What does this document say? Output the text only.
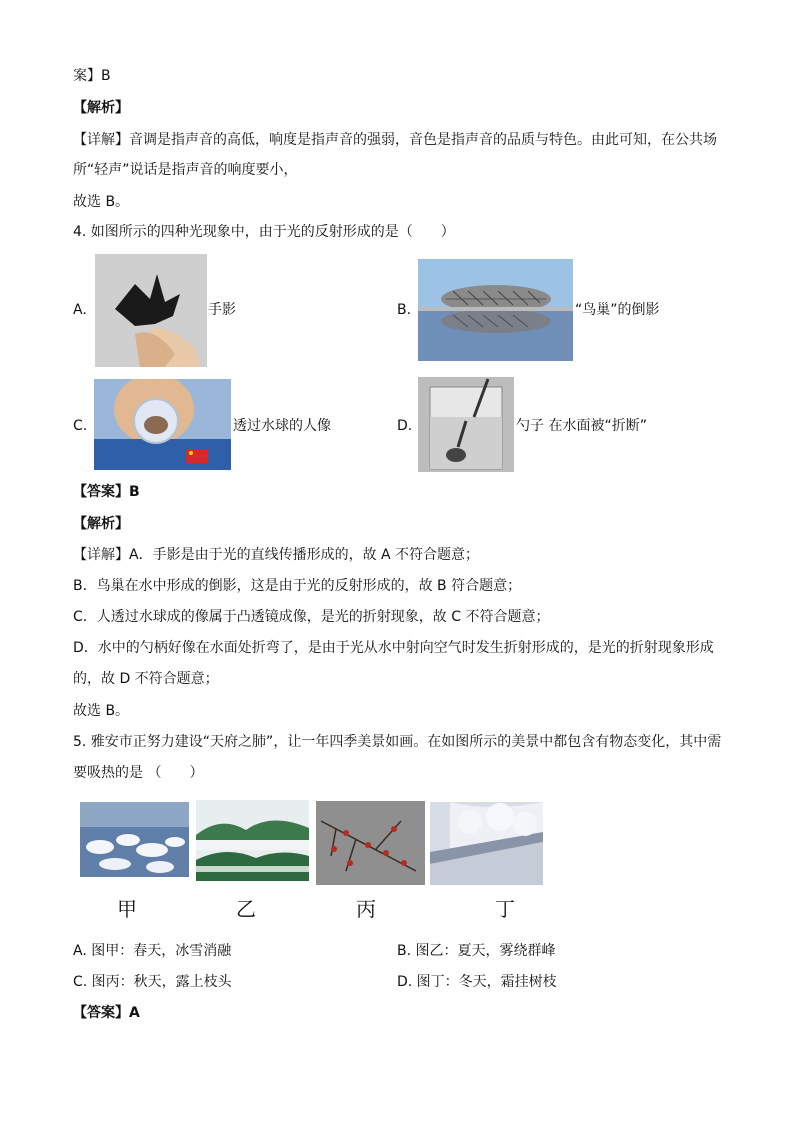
案】B
【解析】
【详解】音调是指声音的高低，响度是指声音的强弱，音色是指声音的品质与特色。由此可知，在公共场
所“轻声”说话是指声音的响度要小，
故选 B。
4. 如图所示的四种光现象中，由于光的反射形成的是（　　）
A.	手影	B.	“鸟巢”的倒影
C.	透过水球的人像	D.	勺子 在水面被“折断”
【答案】B
【解析】
【详解】A．手影是由于光的直线传播形成的，故 A 不符合题意；
B．鸟巢在水中形成的倒影，这是由于光的反射形成的，故 B 符合题意；
C．人透过水球成的像属于凸透镜成像，是光的折射现象，故 C 不符合题意；
D．水中的勺柄好像在水面处折弯了，是由于光从水中射向空气时发生折射形成的，是光的折射现象形成
的，故 D 不符合题意；
故选 B。
5. 雅安市正努力建设“天府之肺”，让一年四季美景如画。在如图所示的美景中都包含有物态变化，其中需
要吸热的是 （　　）
甲	乙	丙	丁
A. 图甲：春天，冰雪消融	B. 图乙：夏天，雾绕群峰
C. 图丙：秋天，露上枝头	D. 图丁：冬天，霜挂树枝
【答案】A
